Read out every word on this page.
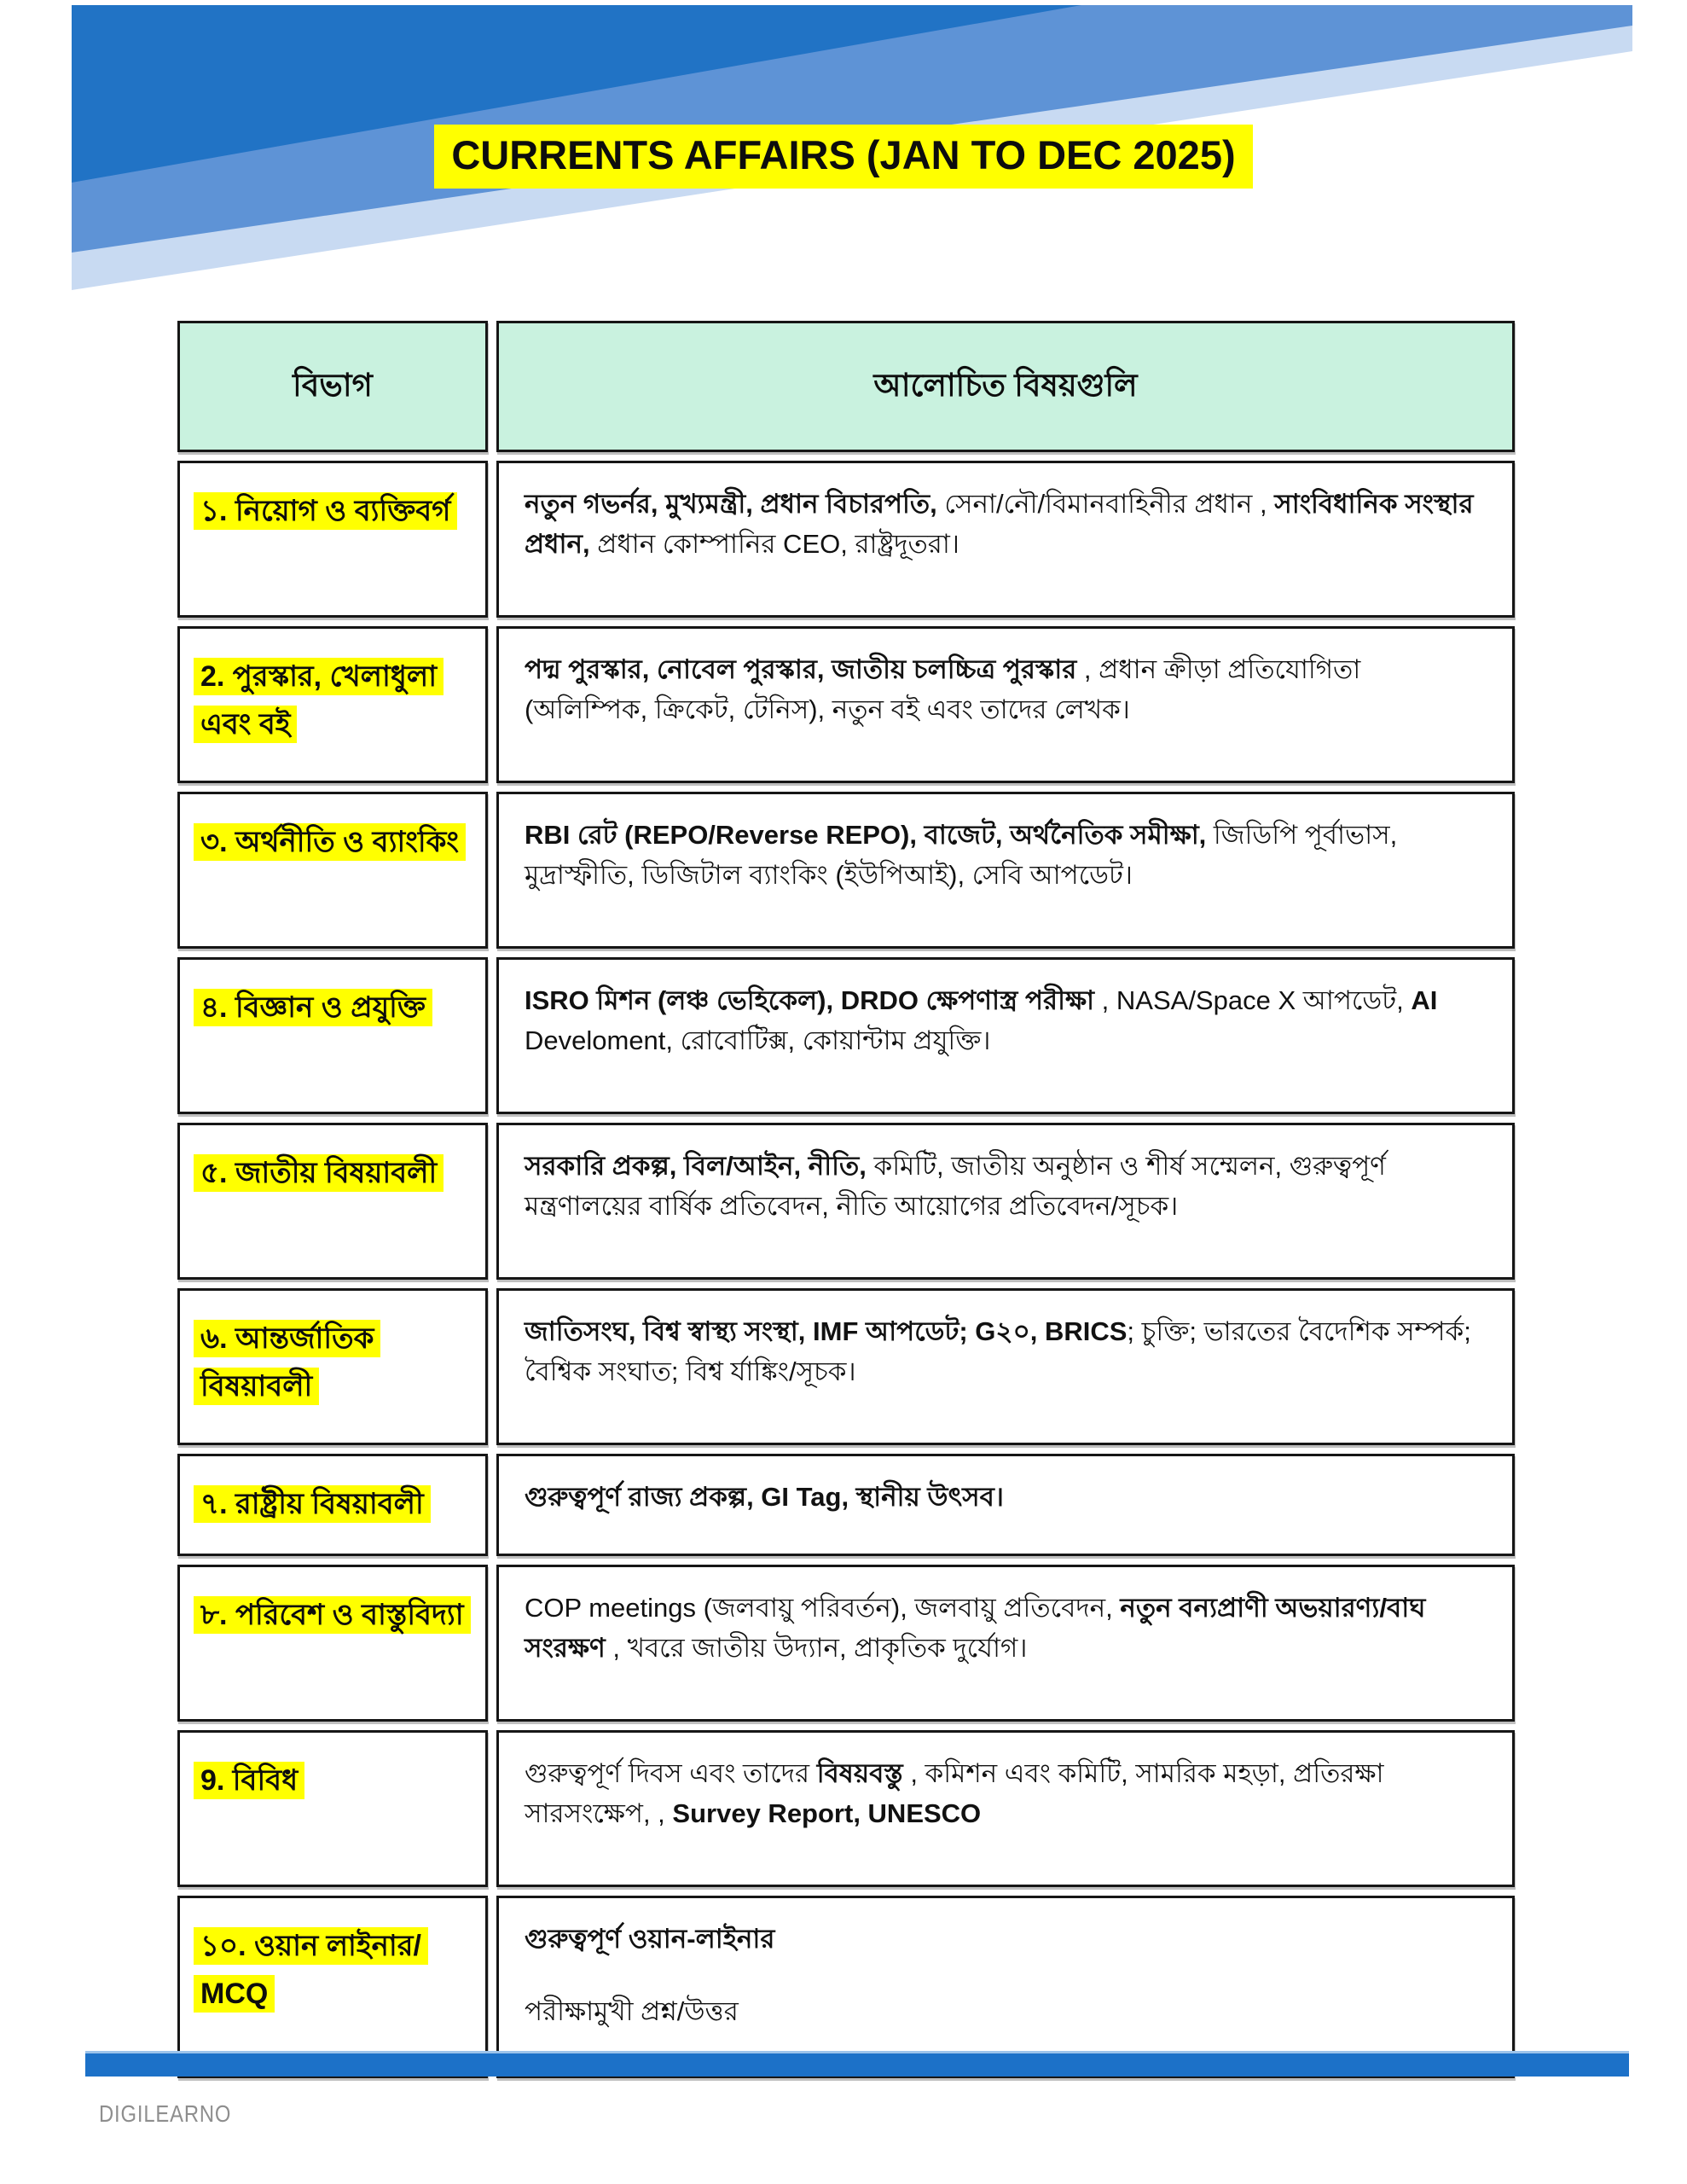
CURRENTS AFFAIRS (JAN TO DEC 2025)
বিভাগ	আলোচিত বিষয়গুলি
১. নিয়োগ ও ব্যক্তিবর্গ	নতুন গভর্নর, মুখ্যমন্ত্রী, প্রধান বিচারপতি, সেনা/নৌ/বিমানবাহিনীর প্রধান , সাংবিধানিক সংস্থার প্রধান, প্রধান কোম্পানির CEO, রাষ্ট্রদূতরা।

2. পুরস্কার, খেলাধুলা এবং বই	পদ্ম পুরস্কার, নোবেল পুরস্কার, জাতীয় চলচ্চিত্র পুরস্কার , প্রধান ক্রীড়া প্রতিযোগিতা (অলিম্পিক, ক্রিকেট, টেনিস), নতুন বই এবং তাদের লেখক।

৩. অর্থনীতি ও ব্যাংকিং	RBI রেট (REPO/Reverse REPO), বাজেট, অর্থনৈতিক সমীক্ষা, জিডিপি পূর্বাভাস, মুদ্রাস্ফীতি, ডিজিটাল ব্যাংকিং (ইউপিআই), সেবি আপডেট।

৪. বিজ্ঞান ও প্রযুক্তি	ISRO মিশন (লঞ্চ ভেহিকেল), DRDO ক্ষেপণাস্ত্র পরীক্ষা , NASA/Space X আপডেট, AI Develoment, রোবোটিক্স, কোয়ান্টাম প্রযুক্তি।

৫. জাতীয় বিষয়াবলী	সরকারি প্রকল্প, বিল/আইন, নীতি, কমিটি, জাতীয় অনুষ্ঠান ও শীর্ষ সম্মেলন, গুরুত্বপূর্ণ মন্ত্রণালয়ের বার্ষিক প্রতিবেদন, নীতি আয়োগের প্রতিবেদন/সূচক।

৬. আন্তর্জাতিক বিষয়াবলী	জাতিসংঘ, বিশ্ব স্বাস্থ্য সংস্থা, IMF আপডেট; G২০, BRICS; চুক্তি; ভারতের বৈদেশিক সম্পর্ক; বৈশ্বিক সংঘাত; বিশ্ব র্যাঙ্কিং/সূচক।

৭. রাষ্ট্রীয় বিষয়াবলী	গুরুত্বপূর্ণ রাজ্য প্রকল্প, GI Tag, স্থানীয় উৎসব।

৮. পরিবেশ ও বাস্তুবিদ্যা	COP meetings (জলবায়ু পরিবর্তন), জলবায়ু প্রতিবেদন, নতুন বন্যপ্রাণী অভয়ারণ্য/বাঘ সংরক্ষণ , খবরে জাতীয় উদ্যান, প্রাকৃতিক দুর্যোগ।

9. বিবিধ	গুরুত্বপূর্ণ দিবস এবং তাদের বিষয়বস্তু , কমিশন এবং কমিটি, সামরিক মহড়া, প্রতিরক্ষা সারসংক্ষেপ, , Survey Report, UNESCO

১০. ওয়ান লাইনার/ MCQ	গুরুত্বপূর্ণ ওয়ান-লাইনার
পরীক্ষামুখী প্রশ্ন/উত্তর
DIGILEARNO
